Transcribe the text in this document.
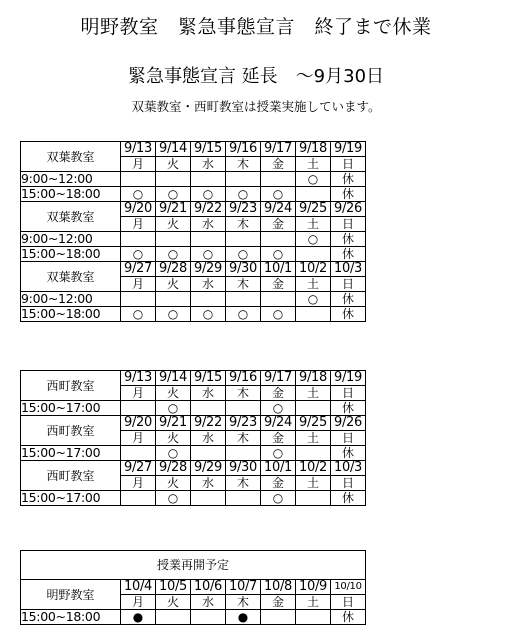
明野教室　緊急事態宣言　終了まで休業
緊急事態宣言 延長　～9月30日
双葉教室・西町教室は授業実施しています。
双葉教室	9/13	9/14	9/15	9/16	9/17	9/18	9/19
	月	火	水	木	金	土	日
9:00~12:00						○	休
15:00~18:00	○	○	○	○	○		休
双葉教室	9/20	9/21	9/22	9/23	9/24	9/25	9/26
	月	火	水	木	金	土	日
9:00~12:00						○	休
15:00~18:00	○	○	○	○	○		休
双葉教室	9/27	9/28	9/29	9/30	10/1	10/2	10/3
	月	火	水	木	金	土	日
9:00~12:00						○	休
15:00~18:00	○	○	○	○	○		休
西町教室	9/13	9/14	9/15	9/16	9/17	9/18	9/19
	月	火	水	木	金	土	日
15:00~17:00		○			○		休
西町教室	9/20	9/21	9/22	9/23	9/24	9/25	9/26
	月	火	水	木	金	土	日
15:00~17:00		○			○		休
西町教室	9/27	9/28	9/29	9/30	10/1	10/2	10/3
	月	火	水	木	金	土	日
15:00~17:00		○			○		休
授業再開予定							
明野教室	10/4	10/5	10/6	10/7	10/8	10/9	10/10
	月	火	水	木	金	土	日
15:00~18:00	●			●			休
